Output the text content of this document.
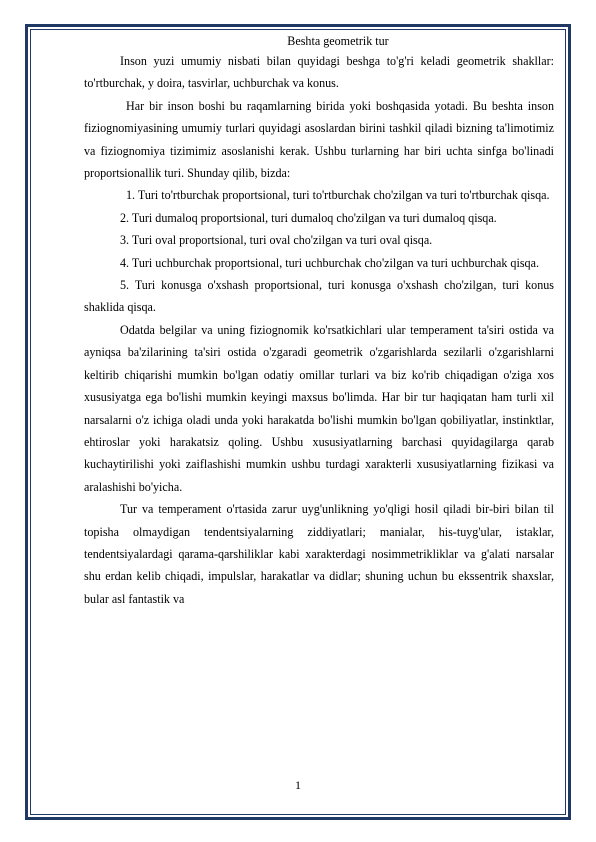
Beshta geometrik tur

Inson yuzi umumiy nisbati bilan quyidagi beshga to'g'ri keladi geometrik shakllar: to'rtburchak, y doira, tasvirlar, uchburchak va konus.

Har bir inson boshi bu raqamlarning birida yoki boshqasida yotadi. Bu beshta inson fiziognomiyasining umumiy turlari quyidagi asoslardan birini tashkil qiladi bizning ta'limotimiz va fiziognomiya tizimimiz asoslanishi kerak. Ushbu turlarning har biri uchta sinfga bo'linadi proportsionallik turi. Shunday qilib, bizda:

1. Turi to'rtburchak proportsional, turi to'rtburchak cho'zilgan va turi to'rtburchak qisqa.

2. Turi dumaloq proportsional, turi dumaloq cho'zilgan va turi dumaloq qisqa.

3. Turi oval proportsional, turi oval cho'zilgan va turi oval qisqa.

4. Turi uchburchak proportsional, turi uchburchak cho'zilgan va turi uchburchak qisqa.

5. Turi konusga o'xshash proportsional, turi konusga o'xshash cho'zilgan, turi konus shaklida qisqa.

Odatda belgilar va uning fiziognomik ko'rsatkichlari ular temperament ta'siri ostida va ayniqsa ba'zilarining ta'siri ostida o'zgaradi geometrik o'zgarishlarda sezilarli o'zgarishlarni keltirib chiqarishi mumkin bo'lgan odatiy omillar turlari va biz ko'rib chiqadigan o'ziga xos xususiyatga ega bo'lishi mumkin keyingi maxsus bo'limda. Har bir tur haqiqatan ham turli xil narsalarni o'z ichiga oladi unda yoki harakatda bo'lishi mumkin bo'lgan qobiliyatlar, instinktlar, ehtiroslar yoki harakatsiz qoling. Ushbu xususiyatlarning barchasi quyidagilarga qarab kuchaytirilishi yoki zaiflashishi mumkin ushbu turdagi xarakterli xususiyatlarning fizikasi va aralashishi bo'yicha.

Tur va temperament o'rtasida zarur uyg'unlikning yo'qligi hosil qiladi bir-biri bilan til topisha olmaydigan tendentsiyalarning ziddiyatlari; manialar, his-tuyg'ular, istaklar, tendentsiyalardagi qarama-qarshiliklar kabi xarakterdagi nosimmetrikliklar va g'alati narsalar shu erdan kelib chiqadi, impulslar, harakatlar va didlar; shuning uchun bu ekssentrik shaxslar, bular asl fantastik va

1
